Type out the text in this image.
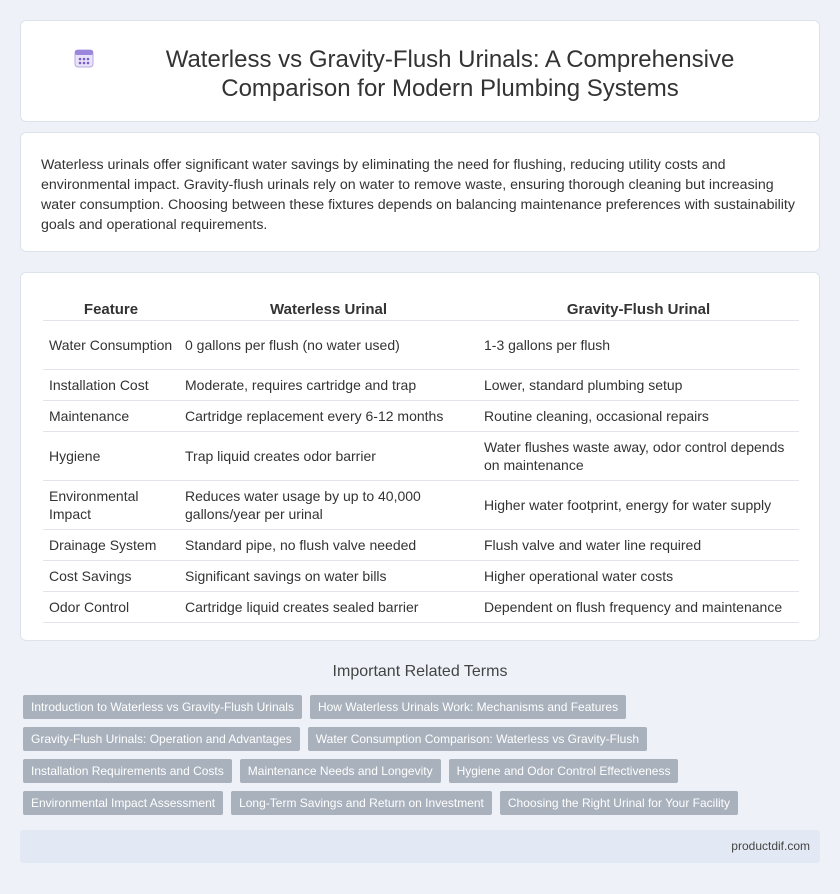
Waterless vs Gravity-Flush Urinals: A Comprehensive Comparison for Modern Plumbing Systems

Waterless urinals offer significant water savings by eliminating the need for flushing, reducing utility costs and environmental impact. Gravity-flush urinals rely on water to remove waste, ensuring thorough cleaning but increasing water consumption. Choosing between these fixtures depends on balancing maintenance preferences with sustainability goals and operational requirements.

Feature	Waterless Urinal	Gravity-Flush Urinal
Water Consumption	0 gallons per flush (no water used)	1-3 gallons per flush
Installation Cost	Moderate, requires cartridge and trap	Lower, standard plumbing setup
Maintenance	Cartridge replacement every 6-12 months	Routine cleaning, occasional repairs
Hygiene	Trap liquid creates odor barrier	Water flushes waste away, odor control depends on maintenance
Environmental Impact	Reduces water usage by up to 40,000 gallons/year per urinal	Higher water footprint, energy for water supply
Drainage System	Standard pipe, no flush valve needed	Flush valve and water line required
Cost Savings	Significant savings on water bills	Higher operational water costs
Odor Control	Cartridge liquid creates sealed barrier	Dependent on flush frequency and maintenance
Important Related Terms
Introduction to Waterless vs Gravity-Flush Urinals	How Waterless Urinals Work: Mechanisms and Features
Gravity-Flush Urinals: Operation and Advantages	Water Consumption Comparison: Waterless vs Gravity-Flush
Installation Requirements and Costs	Maintenance Needs and Longevity	Hygiene and Odor Control Effectiveness
Environmental Impact Assessment	Long-Term Savings and Return on Investment	Choosing the Right Urinal for Your Facility
productdif.com
